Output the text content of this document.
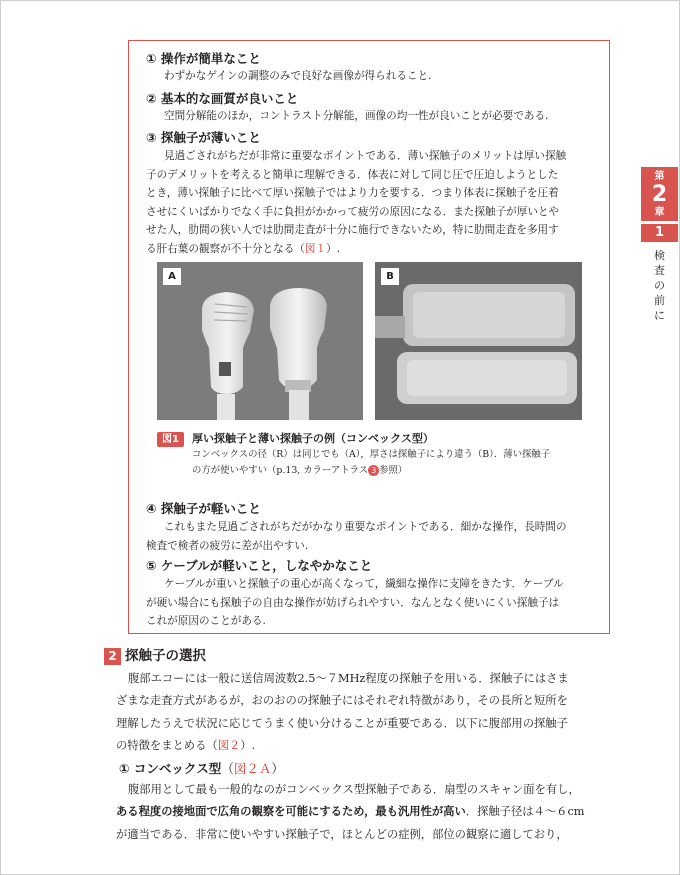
① 操作が簡単なこと
わずかなゲインの調整のみで良好な画像が得られること.
② 基本的な画質が良いこと
空間分解能のほか，コントラスト分解能，画像の均一性が良いことが必要である.
③ 探触子が薄いこと
見過ごされがちだが非常に重要なポイントである．薄い探触子のメリットは厚い探触
子のデメリットを考えると簡単に理解できる．体表に対して同じ圧で圧迫しようとした
とき，薄い探触子に比べて厚い探触子ではより力を要する．つまり体表に探触子を圧着
させにくいばかりでなく手に負担がかかって疲労の原因になる．また探触子が厚いとや
せた人，肋間の狭い人では肋間走査が十分に施行できないため，特に肋間走査を多用す
る肝右葉の観察が不十分となる（図１）.
A	B
図1	厚い探触子と薄い探触子の例（コンベックス型）
コンベックスの径（R）は同じでも（A），厚さは探触子により違う（B）．薄い探触子
の方が使いやすい（p.13, カラーアトラス 3 参照）
④ 探触子が軽いこと
これもまた見過ごされがちだがかなり重要なポイントである．細かな操作，長時間の
検査で検者の疲労に差が出やすい.
⑤ ケーブルが軽いこと，しなやかなこと
ケーブルが重いと探触子の重心が高くなって，繊細な操作に支障をきたす．ケーブル
が硬い場合にも探触子の自由な操作が妨げられやすい．なんとなく使いにくい探触子は
これが原因のことがある.
第
2
章
1
検
査
の
前
に
2 探触子の選択
腹部エコーには一般に送信周波数2.5～７MHz程度の探触子を用いる．探触子にはさま
ざまな走査方式があるが，おのおのの探触子にはそれぞれ特徴があり，その長所と短所を
理解したうえで状況に応じてうまく使い分けることが重要である．以下に腹部用の探触子
の特徴をまとめる（図２）.
① コンベックス型（図２Ａ）
腹部用として最も一般的なのがコンベックス型探触子である．扇型のスキャン面を有し，
ある程度の接地面で広角の観察を可能にするため，最も汎用性が高い．探触子径は４～６cm
が適当である．非常に使いやすい探触子で，ほとんどの症例，部位の観察に適しており，
